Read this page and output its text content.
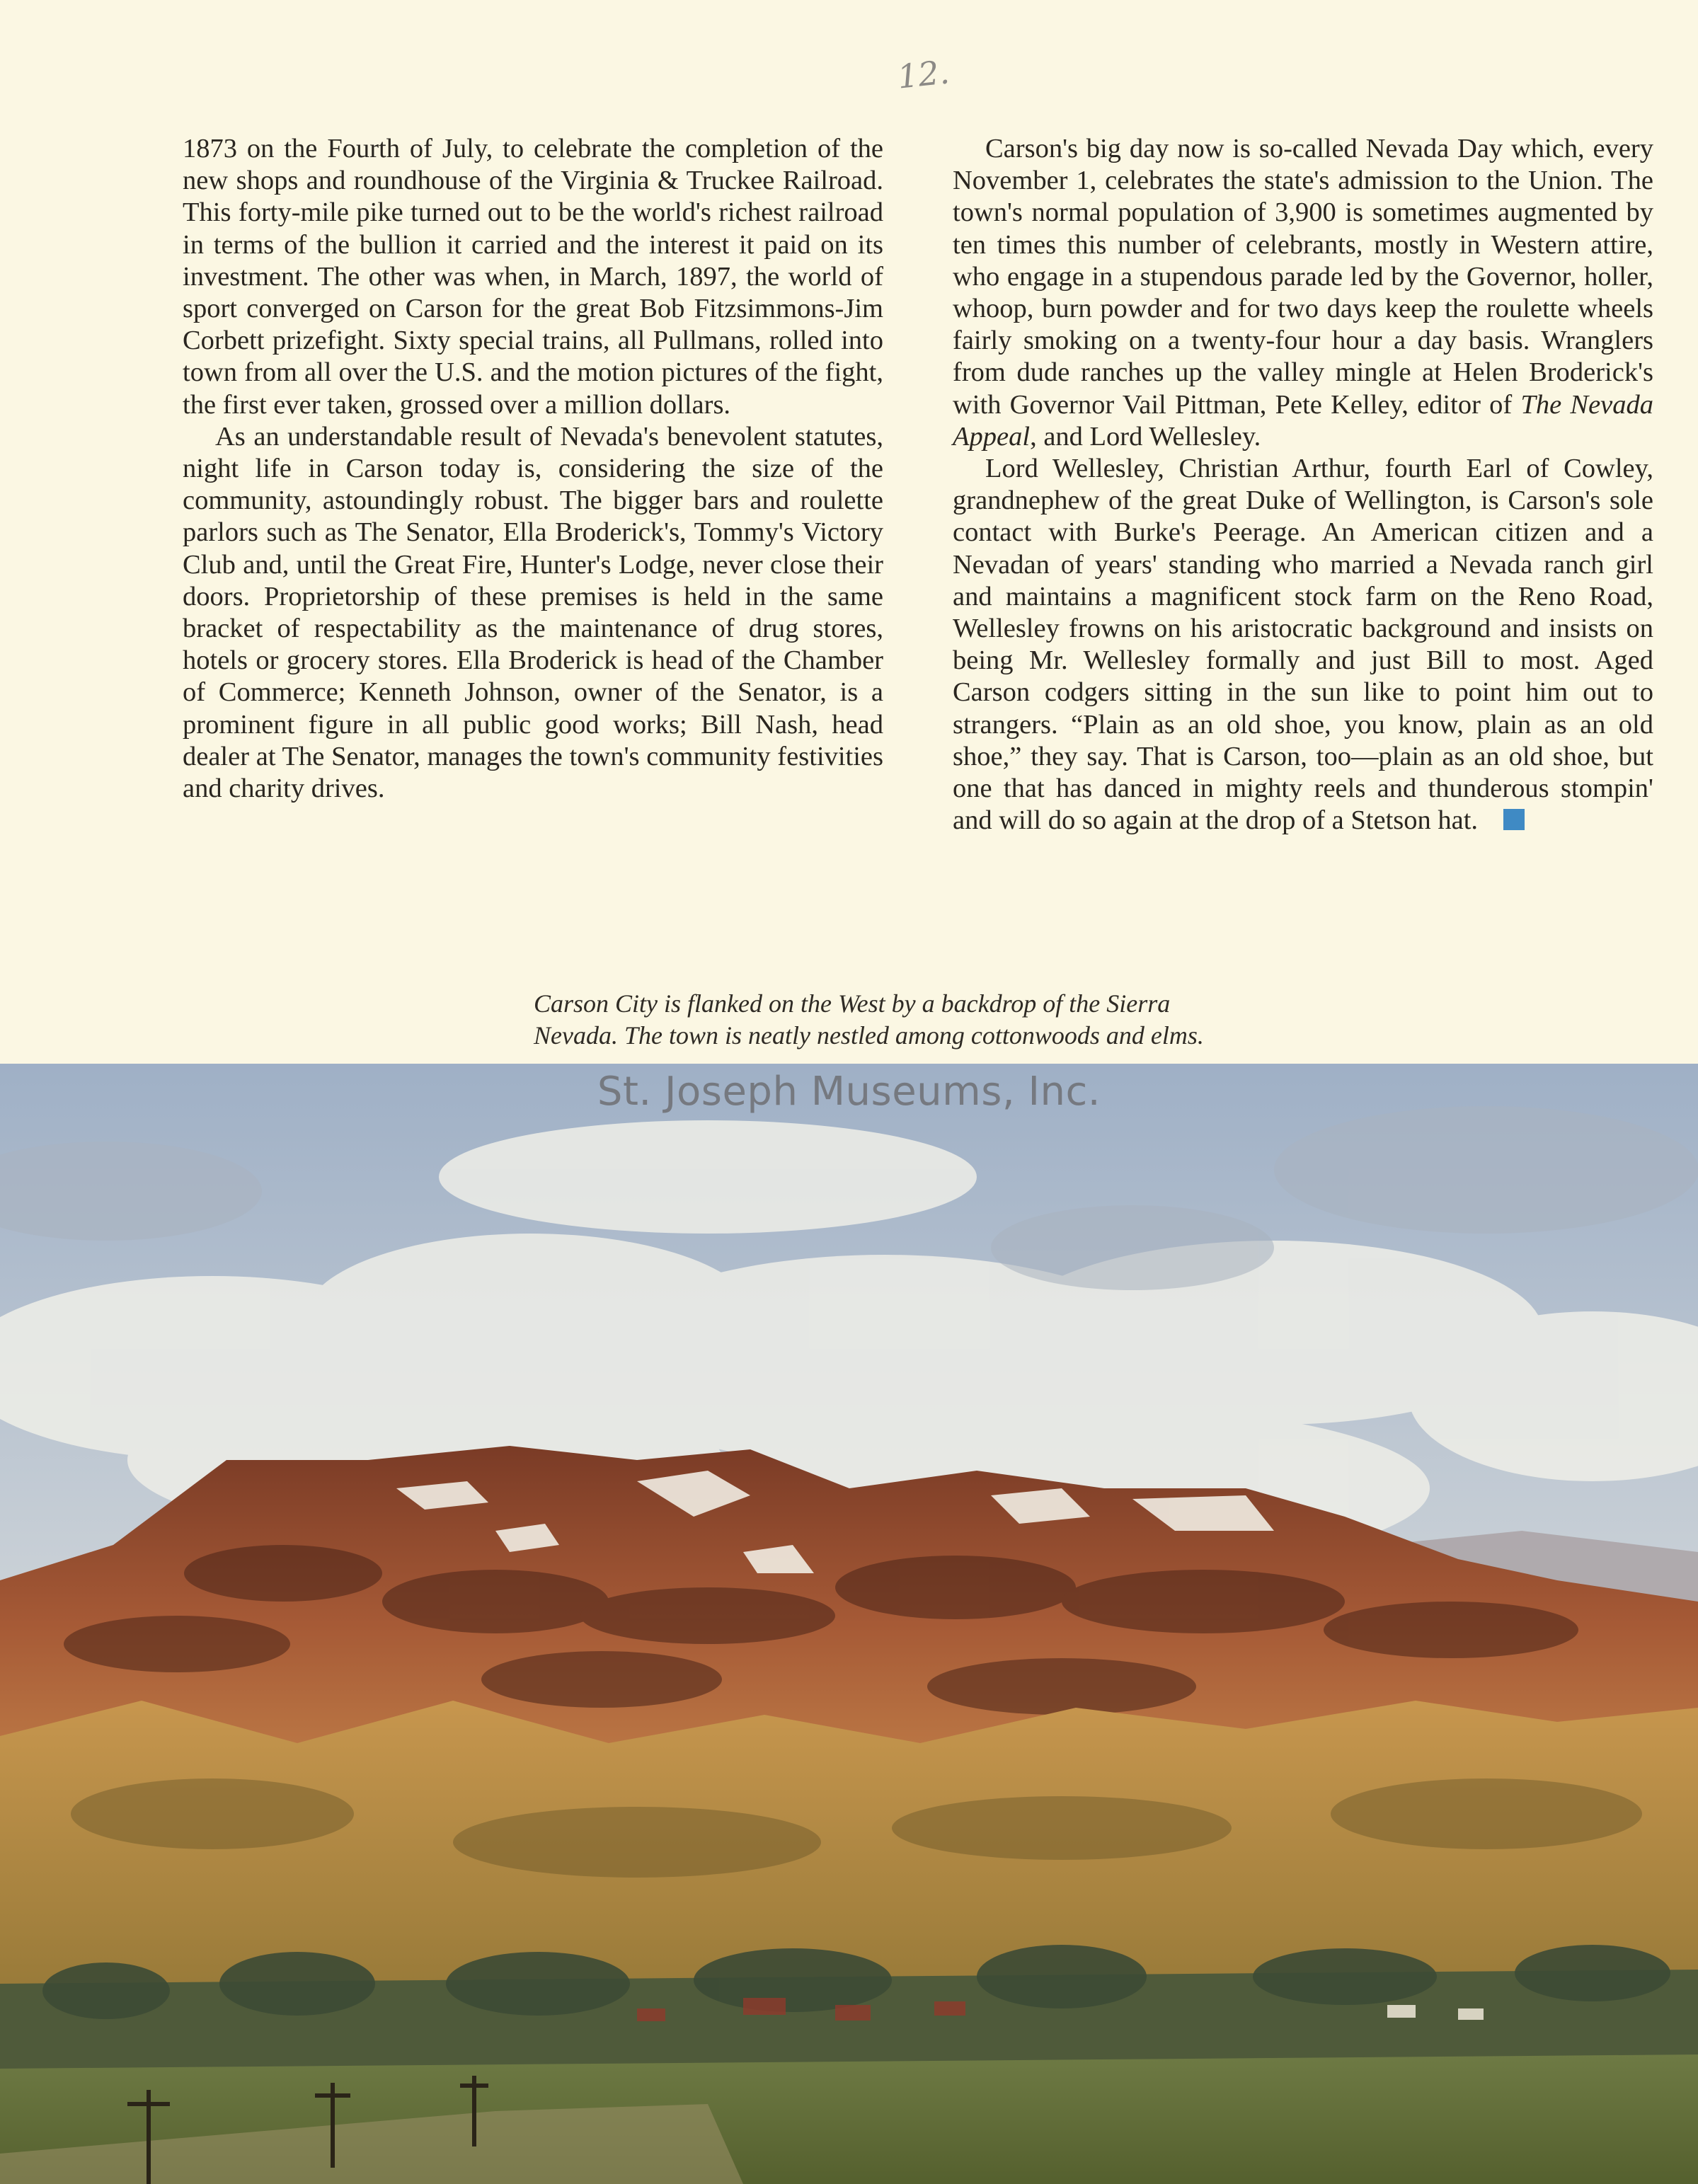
12.

1873 on the Fourth of July, to celebrate the completion of the new shops and roundhouse of the Virginia & Truckee Railroad. This forty-mile pike turned out to be the world's richest railroad in terms of the bullion it carried and the interest it paid on its investment. The other was when, in March, 1897, the world of sport converged on Carson for the great Bob Fitzsimmons-Jim Corbett prizefight. Sixty special trains, all Pullmans, rolled into town from all over the U.S. and the motion pictures of the fight, the first ever taken, grossed over a million dollars.

As an understandable result of Nevada's benevolent statutes, night life in Carson today is, considering the size of the community, astoundingly robust. The bigger bars and roulette parlors such as The Senator, Ella Broderick's, Tommy's Victory Club and, until the Great Fire, Hunter's Lodge, never close their doors. Proprietorship of these premises is held in the same bracket of respectability as the maintenance of drug stores, hotels or grocery stores. Ella Broderick is head of the Chamber of Commerce; Kenneth Johnson, owner of the Senator, is a prominent figure in all public good works; Bill Nash, head dealer at The Senator, manages the town's community festivities and charity drives.

Carson's big day now is so-called Nevada Day which, every November 1, celebrates the state's admission to the Union. The town's normal population of 3,900 is sometimes augmented by ten times this number of celebrants, mostly in Western attire, who engage in a stupendous parade led by the Governor, holler, whoop, burn powder and for two days keep the roulette wheels fairly smoking on a twenty-four hour a day basis. Wranglers from dude ranches up the valley mingle at Helen Broderick's with Governor Vail Pittman, Pete Kelley, editor of The Nevada Appeal, and Lord Wellesley.

Lord Wellesley, Christian Arthur, fourth Earl of Cowley, grandnephew of the great Duke of Wellington, is Carson's sole contact with Burke's Peerage. An American citizen and a Nevadan of years' standing who married a Nevada ranch girl and maintains a magnificent stock farm on the Reno Road, Wellesley frowns on his aristocratic background and insists on being Mr. Wellesley formally and just Bill to most. Aged Carson codgers sitting in the sun like to point him out to strangers. “Plain as an old shoe, you know, plain as an old shoe,” they say. That is Carson, too—plain as an old shoe, but one that has danced in mighty reels and thunderous stompin' and will do so again at the drop of a Stetson hat.

Carson City is flanked on the West by a backdrop of the Sierra
Nevada. The town is neatly nestled among cottonwoods and elms.
St. Joseph Museums, Inc.
